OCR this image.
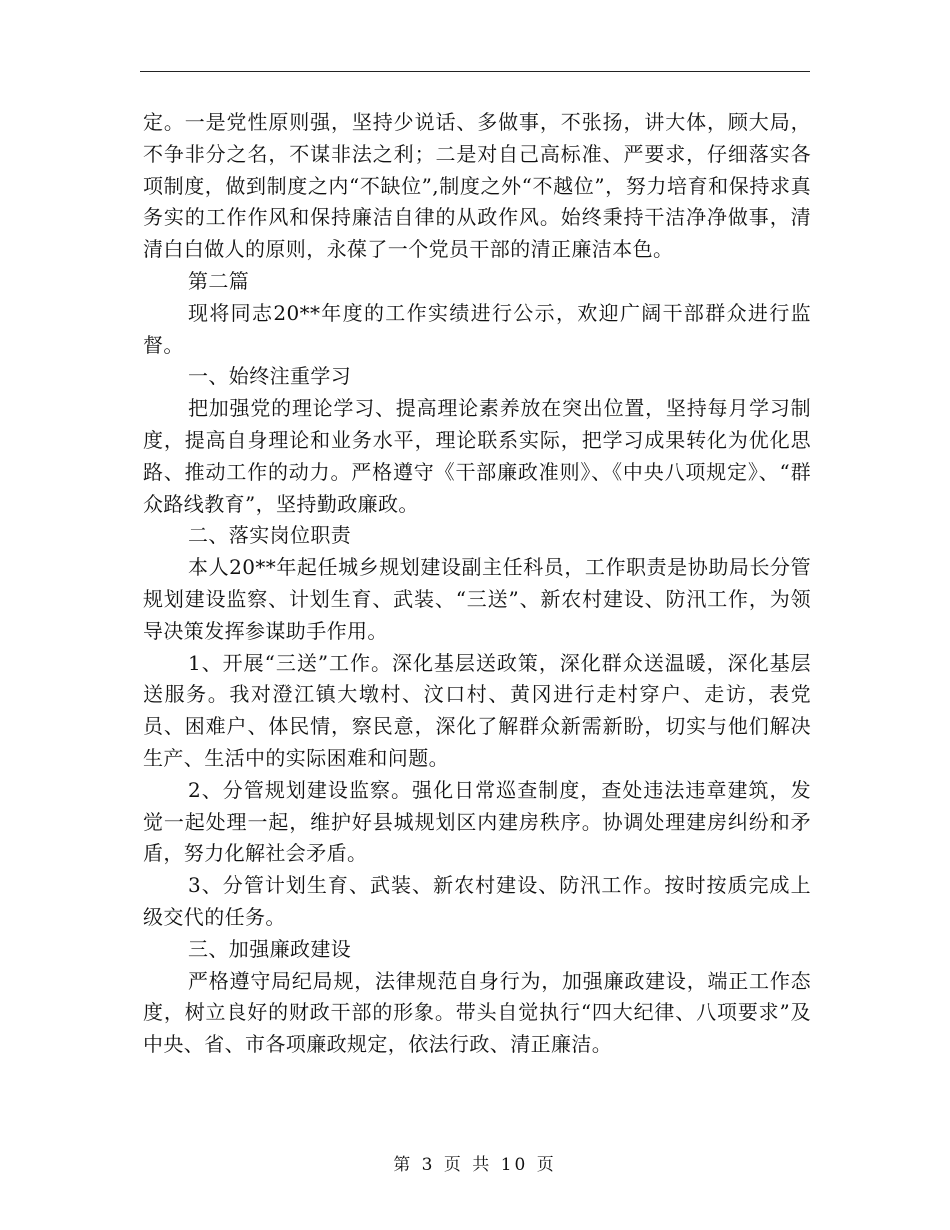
定。一是党性原则强，坚持少说话、多做事，不张扬，讲大体，顾大局，不争非分之名，不谋非法之利；二是对自己高标准、严要求，仔细落实各项制度，做到制度之内“不缺位”,制度之外“不越位”，努力培育和保持求真务实的工作作风和保持廉洁自律的从政作风。始终秉持干洁净净做事，清清白白做人的原则，永葆了一个党员干部的清正廉洁本色。

第二篇

现将同志20**年度的工作实绩进行公示，欢迎广阔干部群众进行监督。

一、始终注重学习

把加强党的理论学习、提高理论素养放在突出位置，坚持每月学习制度，提高自身理论和业务水平，理论联系实际，把学习成果转化为优化思路、推动工作的动力。严格遵守《干部廉政准则》、《中央八项规定》、“群众路线教育”，坚持勤政廉政。

二、落实岗位职责

本人20**年起任城乡规划建设副主任科员，工作职责是协助局长分管规划建设监察、计划生育、武装、“三送”、新农村建设、防汛工作，为领导决策发挥参谋助手作用。

1、开展“三送”工作。深化基层送政策，深化群众送温暖，深化基层送服务。我对澄江镇大墩村、汶口村、黄冈进行走村穿户、走访，表党员、困难户、体民情，察民意，深化了解群众新需新盼，切实与他们解决生产、生活中的实际困难和问题。

2、分管规划建设监察。强化日常巡查制度，查处违法违章建筑，发觉一起处理一起，维护好县城规划区内建房秩序。协调处理建房纠纷和矛盾，努力化解社会矛盾。

3、分管计划生育、武装、新农村建设、防汛工作。按时按质完成上级交代的任务。

三、加强廉政建设

严格遵守局纪局规，法律规范自身行为，加强廉政建设，端正工作态度，树立良好的财政干部的形象。带头自觉执行“四大纪律、八项要求”及中央、省、市各项廉政规定，依法行政、清正廉洁。

第 3 页 共 10 页
